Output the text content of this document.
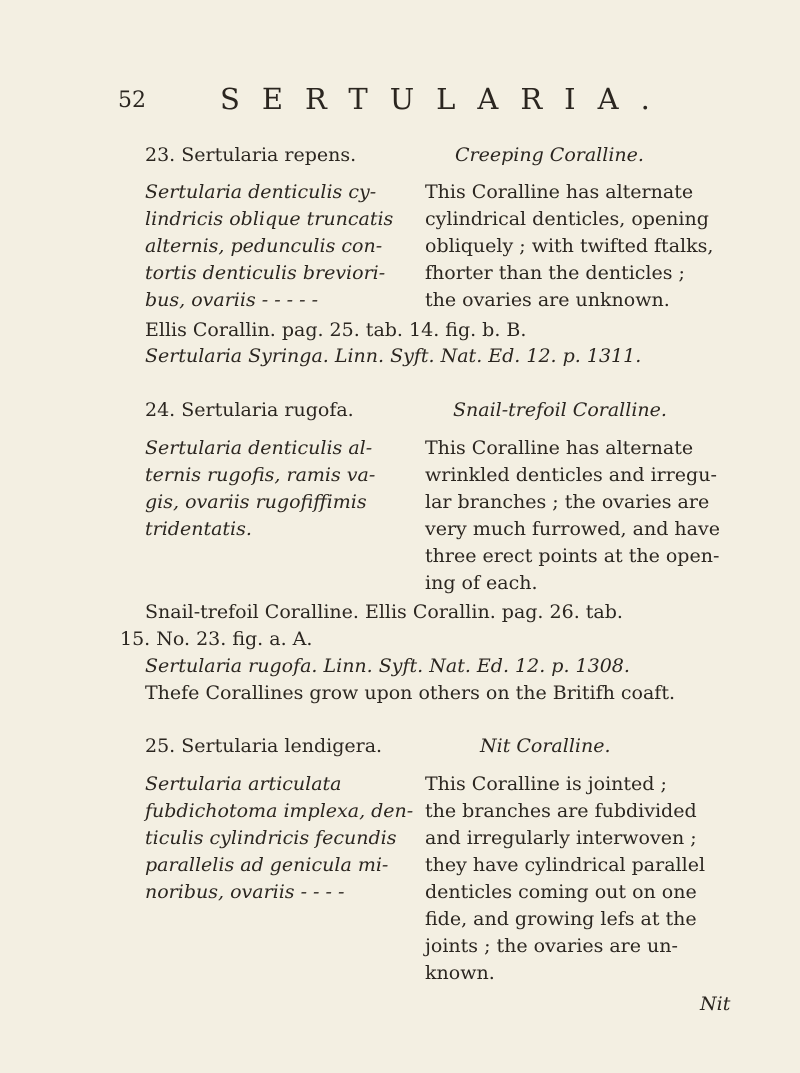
52	SERTULARIA.
23. Sertularia repens.	Creeping Coralline.
Sertularia denticulis cy-
lindricis oblique truncatis
alternis, pedunculis con-
tortis denticulis breviori-
bus, ovariis - - - - -
This Coralline has alternate
cylindrical denticles, opening
obliquely ; with twifted ftalks,
fhorter than the denticles ;
the ovaries are unknown.
Ellis Corallin. pag. 25. tab. 14. fig. b. B.
Sertularia Syringa. Linn. Syft. Nat. Ed. 12. p. 1311.
24. Sertularia rugofa.	Snail-trefoil Coralline.
Sertularia denticulis al-
ternis rugofis, ramis va-
gis, ovariis rugofiffimis
tridentatis.
This Coralline has alternate
wrinkled denticles and irregu-
lar branches ; the ovaries are
very much furrowed, and have
three erect points at the open-
ing of each.
Snail-trefoil Coralline. Ellis Corallin. pag. 26. tab.
15. No. 23. fig. a. A.
Sertularia rugofa. Linn. Syft. Nat. Ed. 12. p. 1308.
Thefe Corallines grow upon others on the Britifh coaft.
25. Sertularia lendigera.	Nit Coralline.
Sertularia articulata
fubdichotoma implexa, den-
ticulis cylindricis fecundis
parallelis ad genicula mi-
noribus, ovariis - - - -
This Coralline is jointed ;
the branches are fubdivided
and irregularly interwoven ;
they have cylindrical parallel
denticles coming out on one
fide, and growing lefs at the
joints ; the ovaries are un-
known.
Nit
